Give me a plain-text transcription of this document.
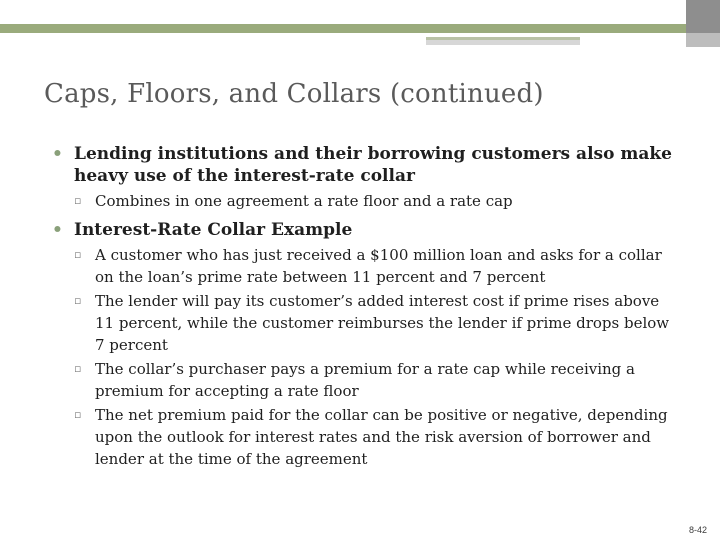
Caps, Floors, and Collars (continued)
• Lending institutions and their borrowing customers also make heavy use of the interest-rate collar
▫ Combines in one agreement a rate floor and a rate cap
• Interest-Rate Collar Example
▫ A customer who has just received a $100 million loan and asks for a collar on the loan’s prime rate between 11 percent and 7 percent
▫ The lender will pay its customer’s added interest cost if prime rises above 11 percent, while the customer reimburses the lender if prime drops below 7 percent
▫ The collar’s purchaser pays a premium for a rate cap while receiving a premium for accepting a rate floor
▫ The net premium paid for the collar can be positive or negative, depending upon the outlook for interest rates and the risk aversion of borrower and lender at the time of the agreement
8-42
